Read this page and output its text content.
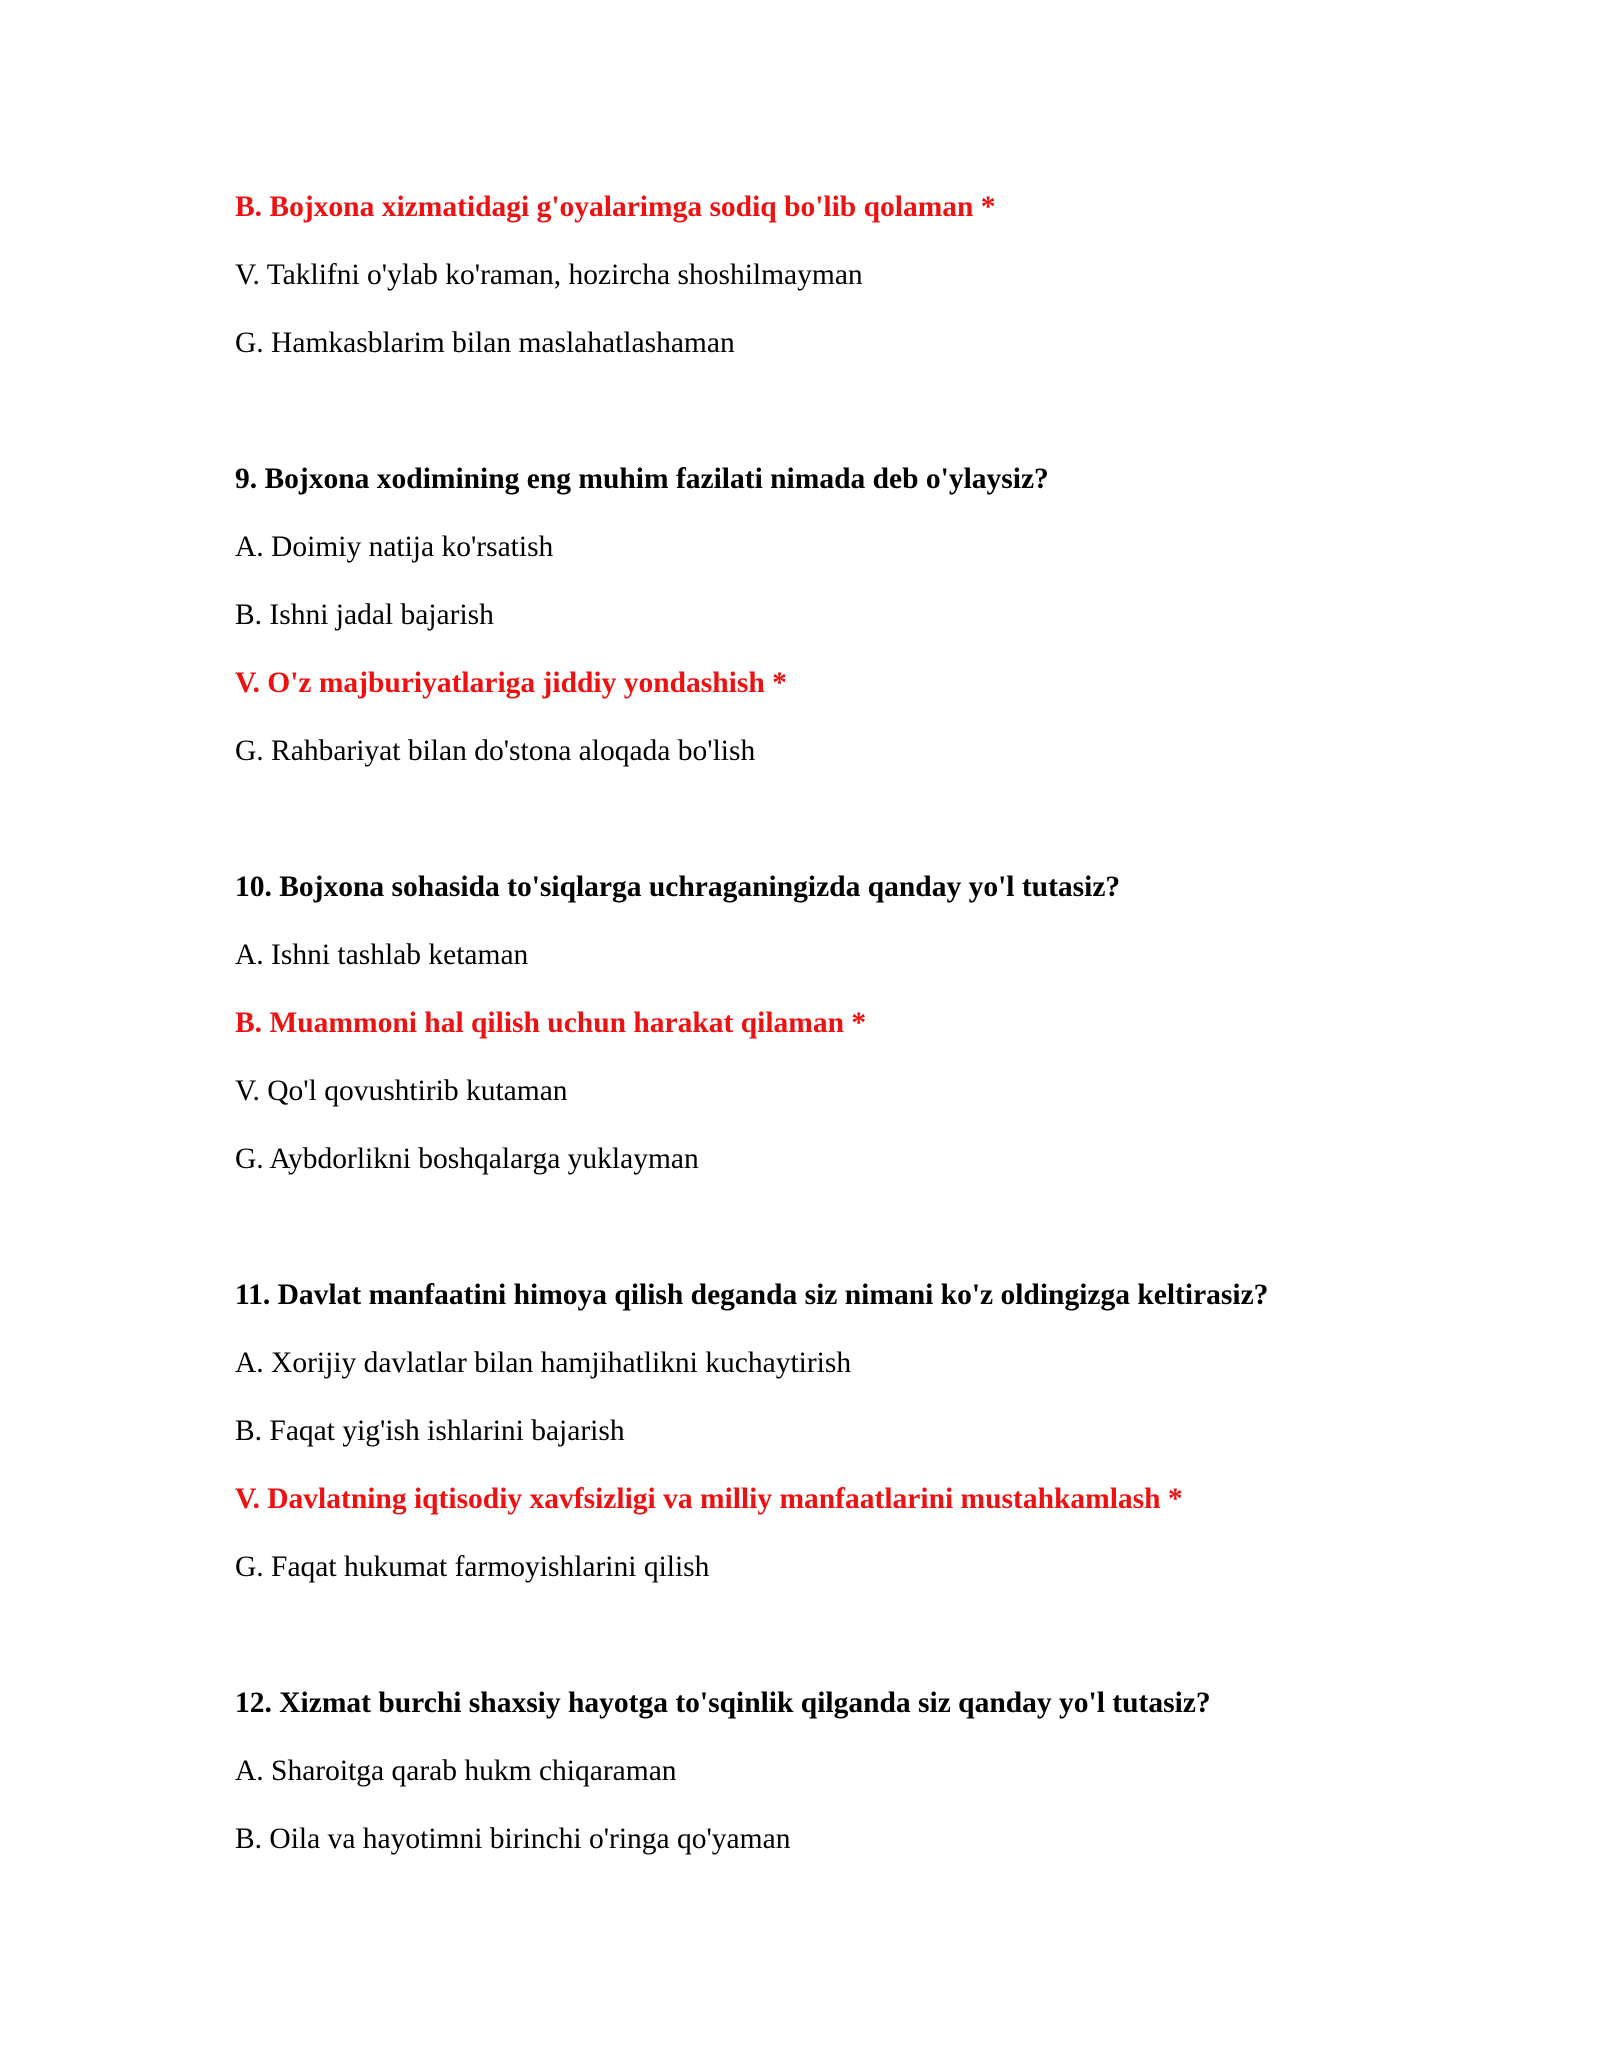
B. Bojxona xizmatidagi g'oyalarimga sodiq bo'lib qolaman *
V. Taklifni o'ylab ko'raman, hozircha shoshilmayman
G. Hamkasblarim bilan maslahatlashaman
9. Bojxona xodimining eng muhim fazilati nimada deb o'ylaysiz?
A. Doimiy natija ko'rsatish
B. Ishni jadal bajarish
V. O'z majburiyatlariga jiddiy yondashish *
G. Rahbariyat bilan do'stona aloqada bo'lish
10. Bojxona sohasida to'siqlarga uchraganingizda qanday yo'l tutasiz?
A. Ishni tashlab ketaman
B. Muammoni hal qilish uchun harakat qilaman *
V. Qo'l qovushtirib kutaman
G. Aybdorlikni boshqalarga yuklayman
11. Davlat manfaatini himoya qilish deganda siz nimani ko'z oldingizga keltirasiz?
A. Xorijiy davlatlar bilan hamjihatlikni kuchaytirish
B. Faqat yig'ish ishlarini bajarish
V. Davlatning iqtisodiy xavfsizligi va milliy manfaatlarini mustahkamlash *
G. Faqat hukumat farmoyishlarini qilish
12. Xizmat burchi shaxsiy hayotga to'sqinlik qilganda siz qanday yo'l tutasiz?
A. Sharoitga qarab hukm chiqaraman
B. Oila va hayotimni birinchi o'ringa qo'yaman
